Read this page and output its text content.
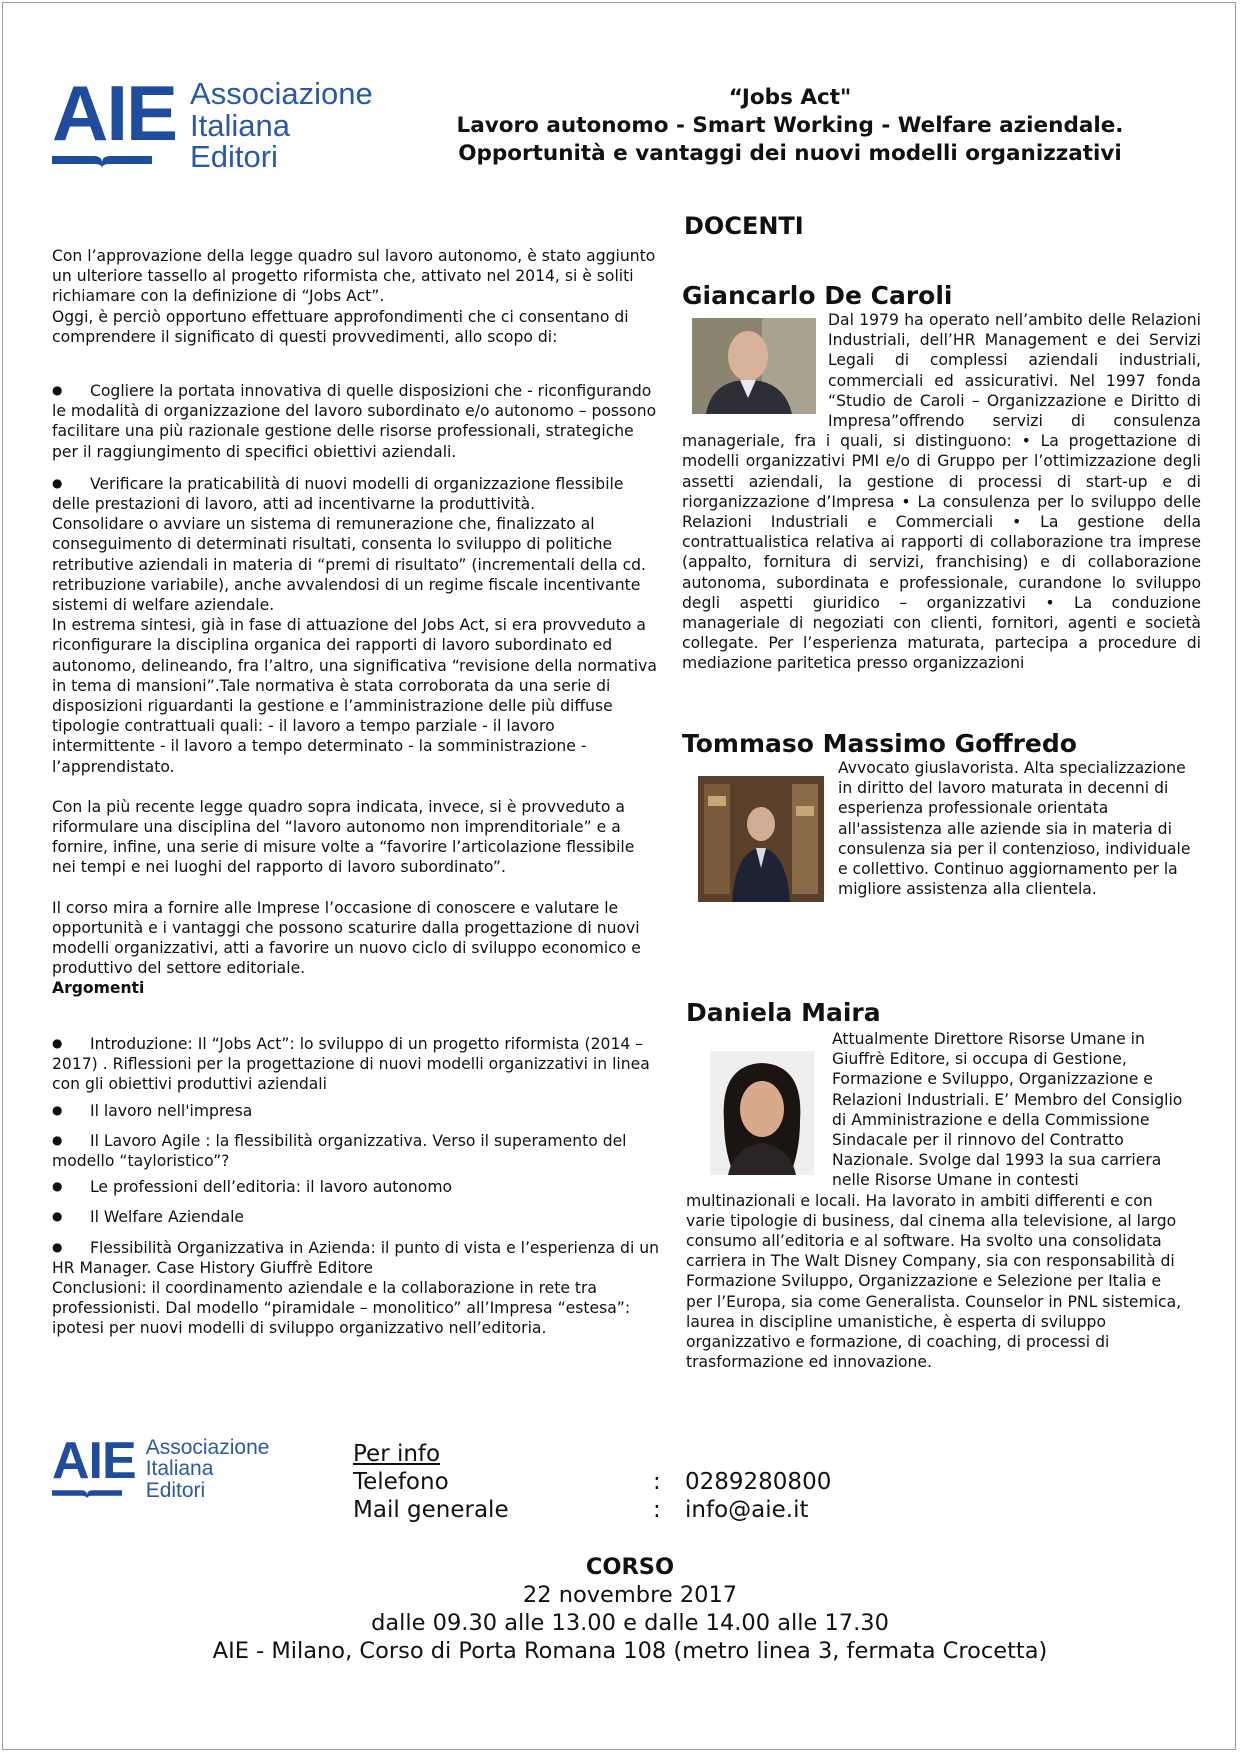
AIE Associazione
Italiana
Editori
“Jobs Act"
Lavoro autonomo - Smart Working - Welfare aziendale.
Opportunità e vantaggi dei nuovi modelli organizzativi
DOCENTI

Con l’approvazione della legge quadro sul lavoro autonomo, è stato aggiunto un ulteriore tassello al progetto riformista che, attivato nel 2014, si è soliti richiamare con la definizione di “Jobs Act”.

Oggi, è perciò opportuno effettuare approfondimenti che ci consentano di comprendere il significato di questi provvedimenti, allo scopo di:

● Cogliere la portata innovativa di quelle disposizioni che - riconfigurando le modalità di organizzazione del lavoro subordinato e/o autonomo – possono facilitare una più razionale gestione delle risorse professionali, strategiche per il raggiungimento di specifici obiettivi aziendali.

● Verificare la praticabilità di nuovi modelli di organizzazione flessibile delle prestazioni di lavoro, atti ad incentivarne la produttività.

Consolidare o avviare un sistema di remunerazione che, finalizzato al conseguimento di determinati risultati, consenta lo sviluppo di politiche retributive aziendali in materia di “premi di risultato” (incrementali della cd. retribuzione variabile), anche avvalendosi di un regime fiscale incentivante sistemi di welfare aziendale.

In estrema sintesi, già in fase di attuazione del Jobs Act, si era provveduto a riconfigurare la disciplina organica dei rapporti di lavoro subordinato ed autonomo, delineando, fra l’altro, una significativa “revisione della normativa in tema di mansioni”.Tale normativa è stata corroborata da una serie di disposizioni riguardanti la gestione e l’amministrazione delle più diffuse tipologie contrattuali quali: - il lavoro a tempo parziale - il lavoro intermittente - il lavoro a tempo determinato - la somministrazione - l’apprendistato.

Con la più recente legge quadro sopra indicata, invece, si è provveduto a riformulare una disciplina del “lavoro autonomo non imprenditoriale” e a fornire, infine, una serie di misure volte a “favorire l’articolazione flessibile nei tempi e nei luoghi del rapporto di lavoro subordinato”.

Il corso mira a fornire alle Imprese l’occasione di conoscere e valutare le opportunità e i vantaggi che possono scaturire dalla progettazione di nuovi modelli organizzativi, atti a favorire un nuovo ciclo di sviluppo economico e produttivo del settore editoriale.

Argomenti

● Introduzione: Il “Jobs Act”: lo sviluppo di un progetto riformista (2014 – 2017) . Riflessioni per la progettazione di nuovi modelli organizzativi in linea con gli obiettivi produttivi aziendali

● Il lavoro nell'impresa

● Il Lavoro Agile : la flessibilità organizzativa. Verso il superamento del modello “tayloristico”?

● Le professioni dell’editoria: il lavoro autonomo

● Il Welfare Aziendale

● Flessibilità Organizzativa in Azienda: il punto di vista e l’esperienza di un HR Manager. Case History Giuffrè Editore

Conclusioni: il coordinamento aziendale e la collaborazione in rete tra professionisti. Dal modello “piramidale – monolitico” all’Impresa “estesa”: ipotesi per nuovi modelli di sviluppo organizzativo nell’editoria.

Giancarlo De Caroli
Dal 1979 ha operato nell’ambito delle Relazioni Industriali, dell’HR Management e dei Servizi Legali di complessi aziendali industriali, commerciali ed assicurativi. Nel 1997 fonda “Studio de Caroli – Organizzazione e Diritto di Impresa”offrendo servizi di consulenza manageriale, fra i quali, si distinguono: • La progettazione di modelli organizzativi PMI e/o di Gruppo per l’ottimizzazione degli assetti aziendali, la gestione di processi di start-up e di riorganizzazione d’Impresa • La consulenza per lo sviluppo delle Relazioni Industriali e Commerciali • La gestione della contrattualistica relativa ai rapporti di collaborazione tra imprese (appalto, fornitura di servizi, franchising) e di collaborazione autonoma, subordinata e professionale, curandone lo sviluppo degli aspetti giuridico – organizzativi • La conduzione manageriale di negoziati con clienti, fornitori, agenti e società collegate. Per l’esperienza maturata, partecipa a procedure di mediazione paritetica presso organizzazioni
Tommaso Massimo Goffredo
Avvocato giuslavorista. Alta specializzazione in diritto del lavoro maturata in decenni di esperienza professionale orientata all'assistenza alle aziende sia in materia di consulenza sia per il contenzioso, individuale e collettivo. Continuo aggiornamento per la migliore assistenza alla clientela.
Daniela Maira
Attualmente Direttore Risorse Umane in Giuffrè Editore, si occupa di Gestione, Formazione e Sviluppo, Organizzazione e Relazioni Industriali. E’ Membro del Consiglio di Amministrazione e della Commissione Sindacale per il rinnovo del Contratto Nazionale. Svolge dal 1993 la sua carriera nelle Risorse Umane in contesti multinazionali e locali. Ha lavorato in ambiti differenti e con varie tipologie di business, dal cinema alla televisione, al largo consumo all’editoria e al software. Ha svolto una consolidata carriera in The Walt Disney Company, sia con responsabilità di Formazione Sviluppo, Organizzazione e Selezione per Italia e per l’Europa, sia come Generalista. Counselor in PNL sistemica, laurea in discipline umanistiche, è esperta di sviluppo organizzativo e formazione, di coaching, di processi di trasformazione ed innovazione.
AIE Associazione
Italiana
Editori
Per info
Telefono	:	0289280800
Mail generale	:	info@aie.it
CORSO
22 novembre 2017
dalle 09.30 alle 13.00 e dalle 14.00 alle 17.30
AIE - Milano, Corso di Porta Romana 108 (metro linea 3, fermata Crocetta)
